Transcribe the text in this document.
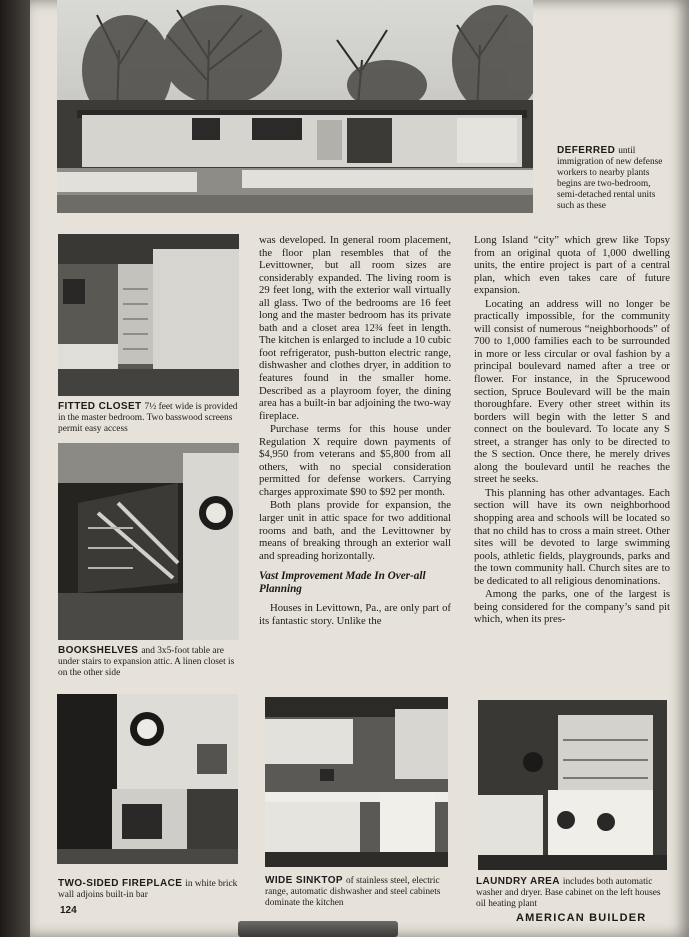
DEFERRED until immigration of new defense workers to nearby plants begins are two-bedroom, semi-detached rental units such as these
FITTED CLOSET 7½ feet wide is provided in the master bedroom. Two basswood screens permit easy access
BOOKSHELVES and 3x5-foot table are under stairs to expansion attic. A linen closet is on the other side

was developed. In general room placement, the floor plan resembles that of the Levittowner, but all room sizes are considerably expanded. The living room is 29 feet long, with the exterior wall virtually all glass. Two of the bedrooms are 16 feet long and the master bedroom has its private bath and a closet area 12¾ feet in length. The kitchen is enlarged to include a 10 cubic foot refrigerator, push-button electric range, dishwasher and clothes dryer, in addition to features found in the smaller home. Described as a playroom foyer, the dining area has a built-in bar adjoining the two-way fireplace.

Purchase terms for this house under Regulation X require down payments of $4,950 from veterans and $5,800 from all others, with no special consideration permitted for defense workers. Carrying charges approximate $90 to $92 per month.

Both plans provide for expansion, the larger unit in attic space for two additional rooms and bath, and the Levittowner by means of breaking through an exterior wall and spreading horizontally.

Vast Improvement Made In Over-all Planning

Houses in Levittown, Pa., are only part of its fantastic story. Unlike the

Long Island “city” which grew like Topsy from an original quota of 1,000 dwelling units, the entire project is part of a central plan, which even takes care of future expansion.

Locating an address will no longer be practically impossible, for the community will consist of numerous “neighborhoods” of 700 to 1,000 families each to be surrounded in more or less circular or oval fashion by a principal boulevard named after a tree or flower. For instance, in the Sprucewood section, Spruce Boulevard will be the main thoroughfare. Every other street within its borders will begin with the letter S and connect on the boulevard. To locate any S street, a stranger has only to be directed to the S section. Once there, he merely drives along the boulevard until he reaches the street he seeks.

This planning has other advantages. Each section will have its own neighborhood shopping area and schools will be located so that no child has to cross a main street. Other sites will be devoted to large swimming pools, athletic fields, playgrounds, parks and the town community hall. Church sites are to be dedicated to all religious denominations.

Among the parks, one of the largest is being considered for the company’s sand pit which, when its pres-

TWO-SIDED FIREPLACE in white brick wall adjoins built-in bar
WIDE SINKTOP of stainless steel, electric range, automatic dishwasher and steel cabinets dominate the kitchen
LAUNDRY AREA includes both automatic washer and dryer. Base cabinet on the left houses oil heating plant
124
AMERICAN BUILDER
